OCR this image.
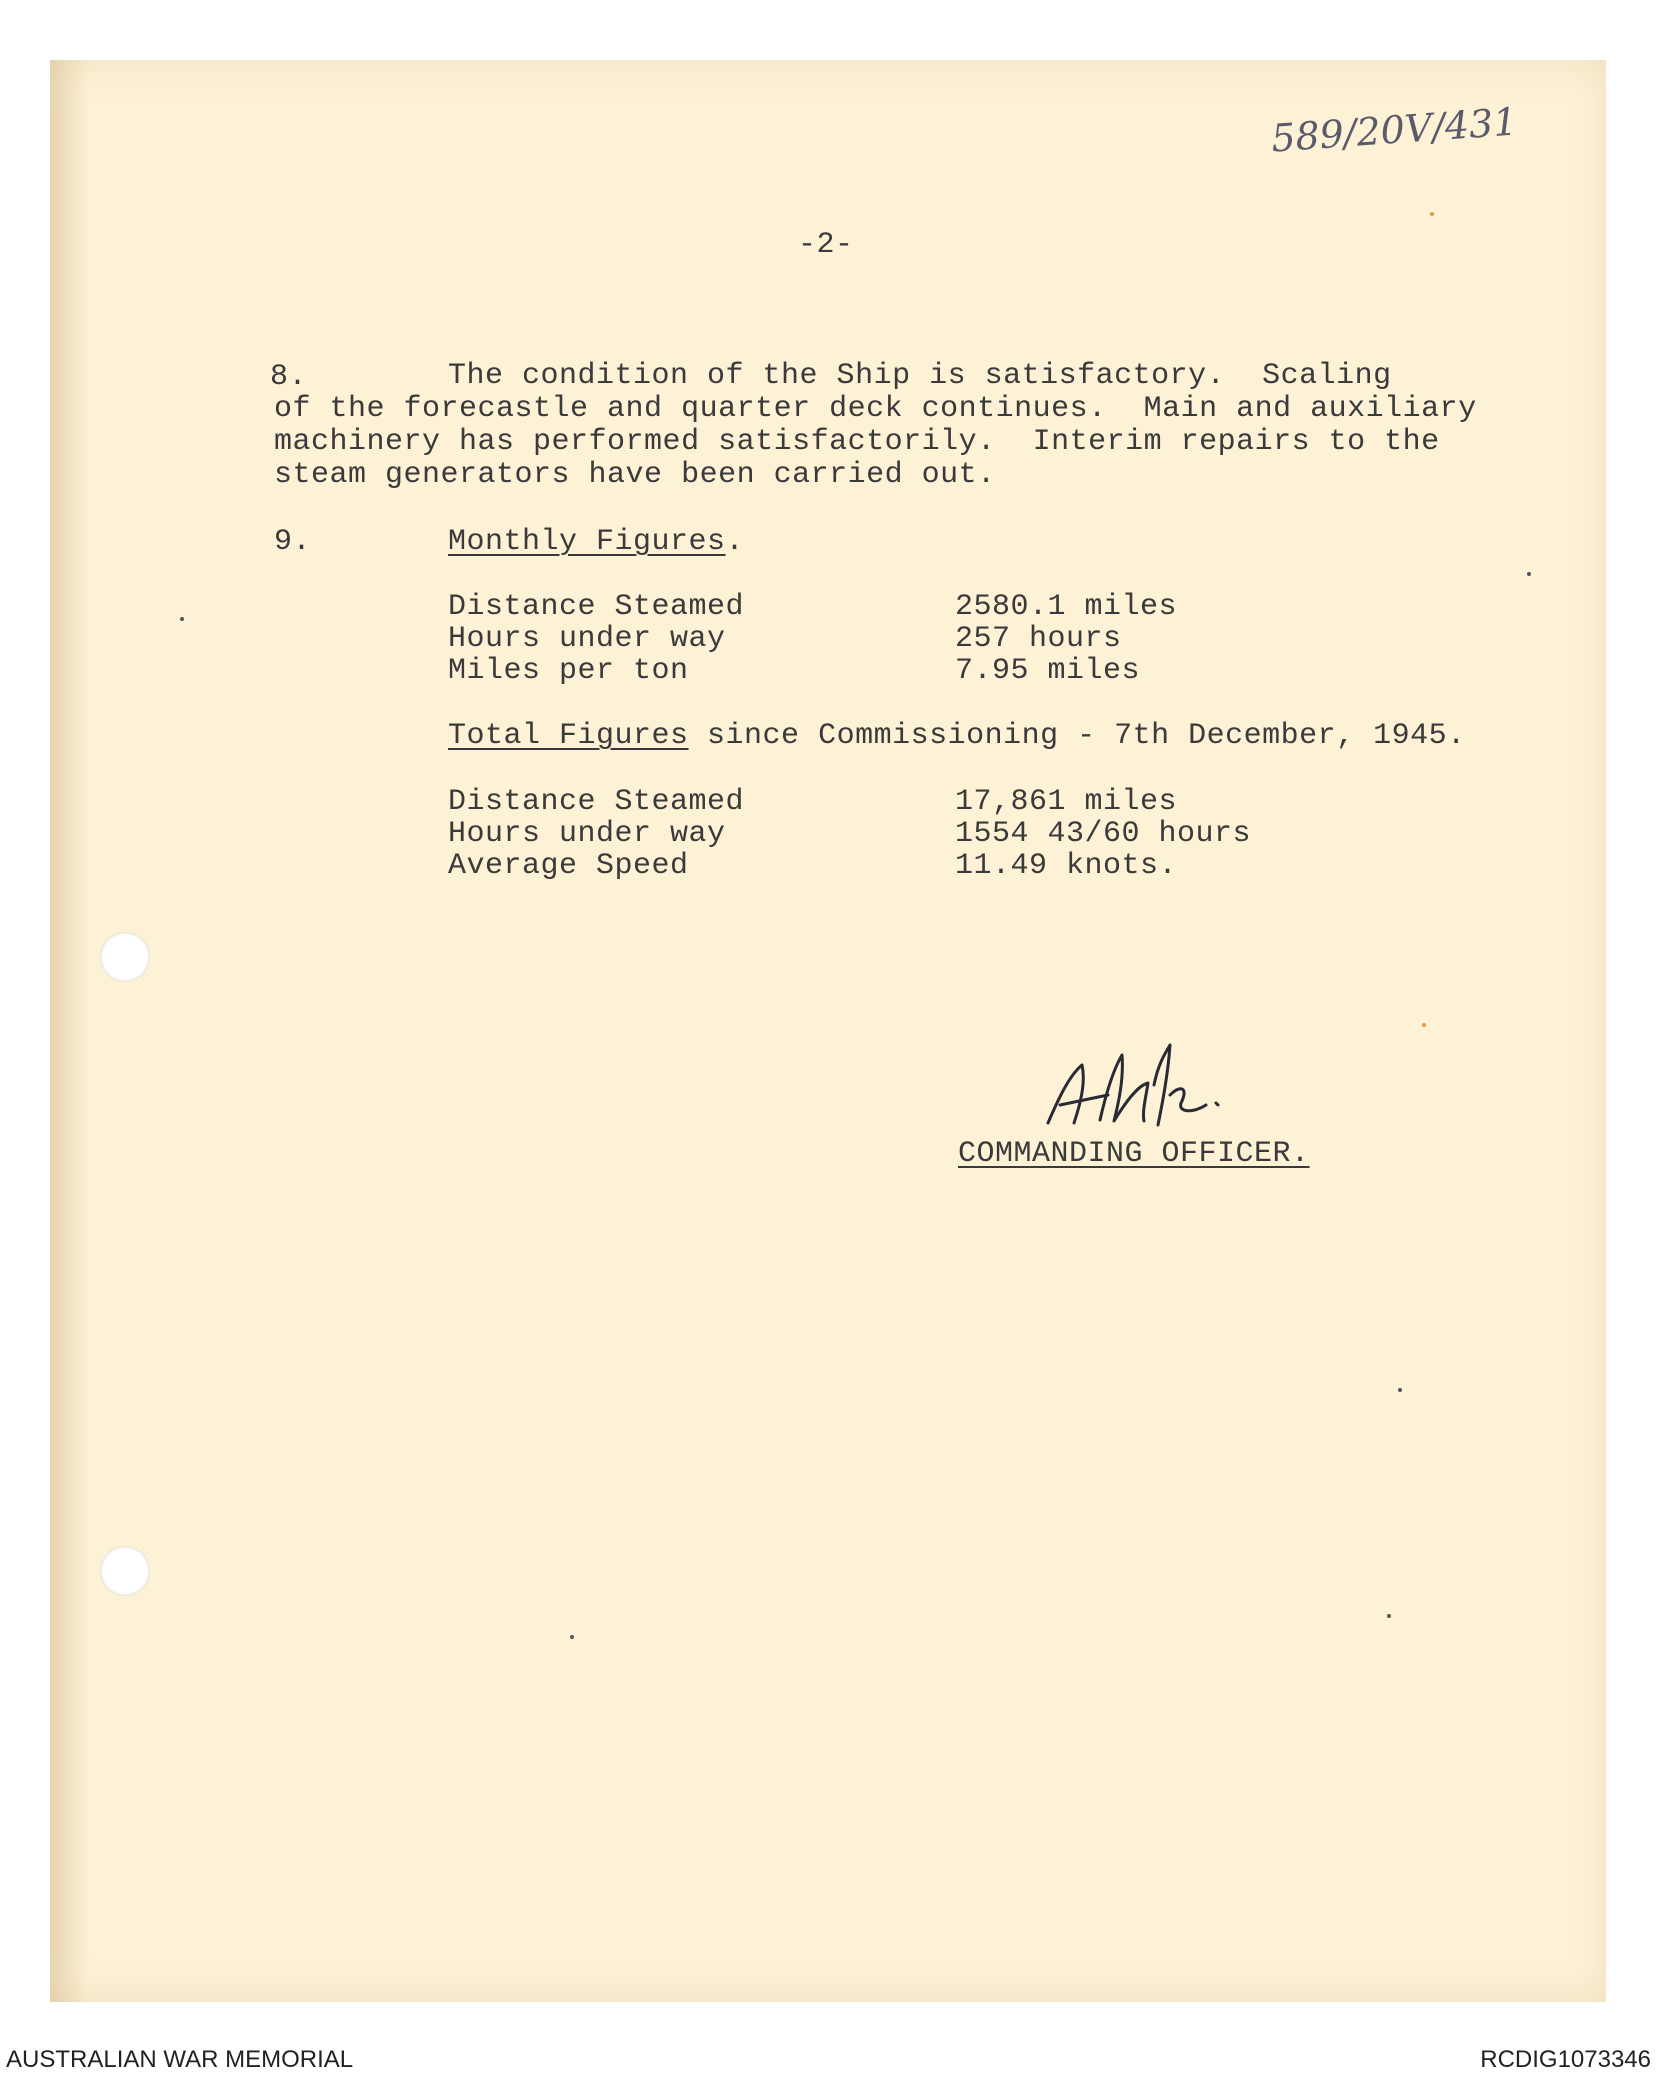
589/20V/431
-2-
8.	The condition of the Ship is satisfactory.  Scaling
of the forecastle and quarter deck continues.  Main and auxiliary
machinery has performed satisfactorily.  Interim repairs to the
steam generators have been carried out.
9.	Monthly Figures.
Distance Steamed	2580.1 miles
Hours under way	257 hours
Miles per ton	7.95 miles
Total Figures since Commissioning - 7th December, 1945.
Distance Steamed	17,861 miles
Hours under way	1554 43/60 hours
Average Speed	11.49 knots.
COMMANDING OFFICER.
AUSTRALIAN WAR MEMORIAL	RCDIG1073346
